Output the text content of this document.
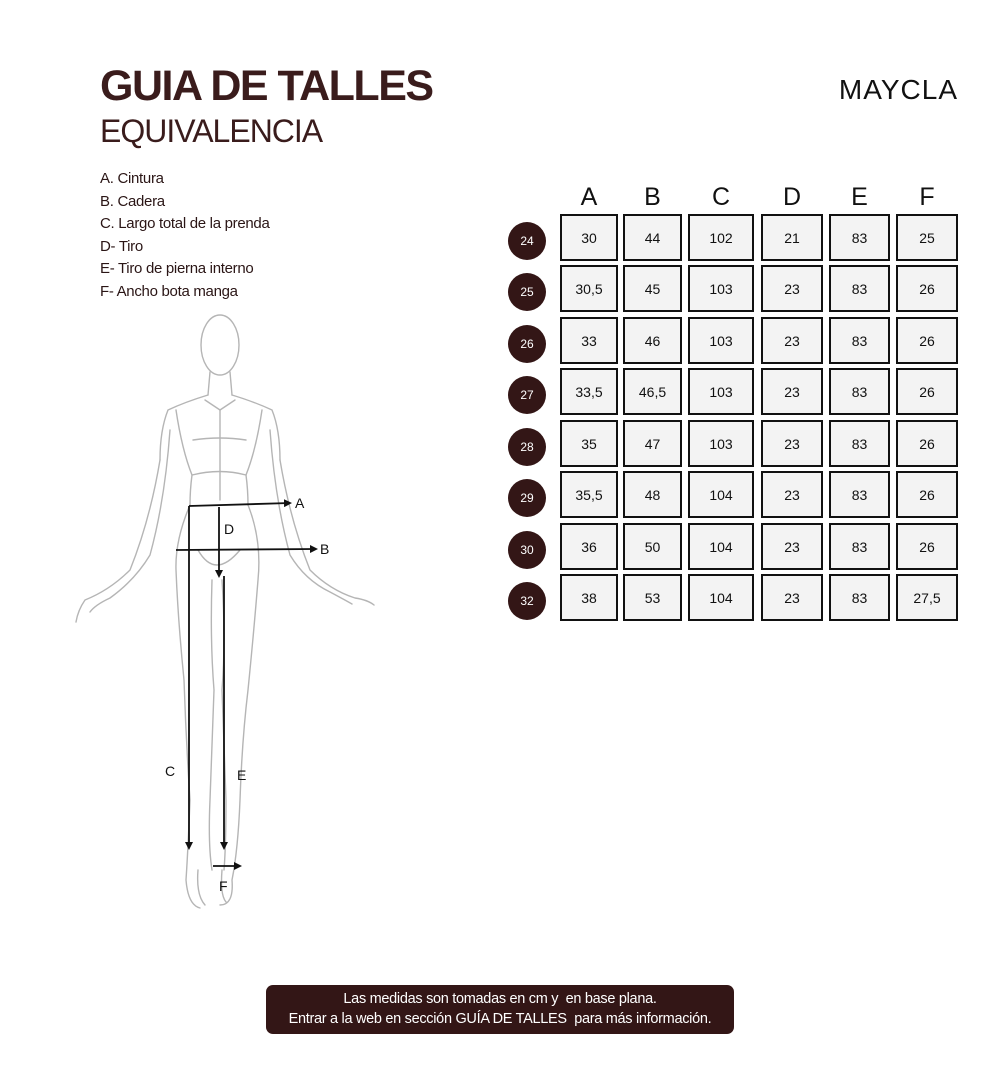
GUIA DE TALLES
EQUIVALENCIA
MAYCLA
A. Cintura
B. Cadera
C. Largo total de la prenda
D- Tiro
E- Tiro de pierna interno
F- Ancho bota manga
A
B
D
C	E
F
A	B	C	D	E	F
24	30	44	102	21	83	25
25	30,5	45	103	23	83	26
26	33	46	103	23	83	26
27	33,5	46,5	103	23	83	26
28	35	47	103	23	83	26
29	35,5	48	104	23	83	26
30	36	50	104	23	83	26
32	38	53	104	23	83	27,5
Las medidas son tomadas en cm y  en base plana.
Entrar a la web en sección GUÍA DE TALLES  para más información.
